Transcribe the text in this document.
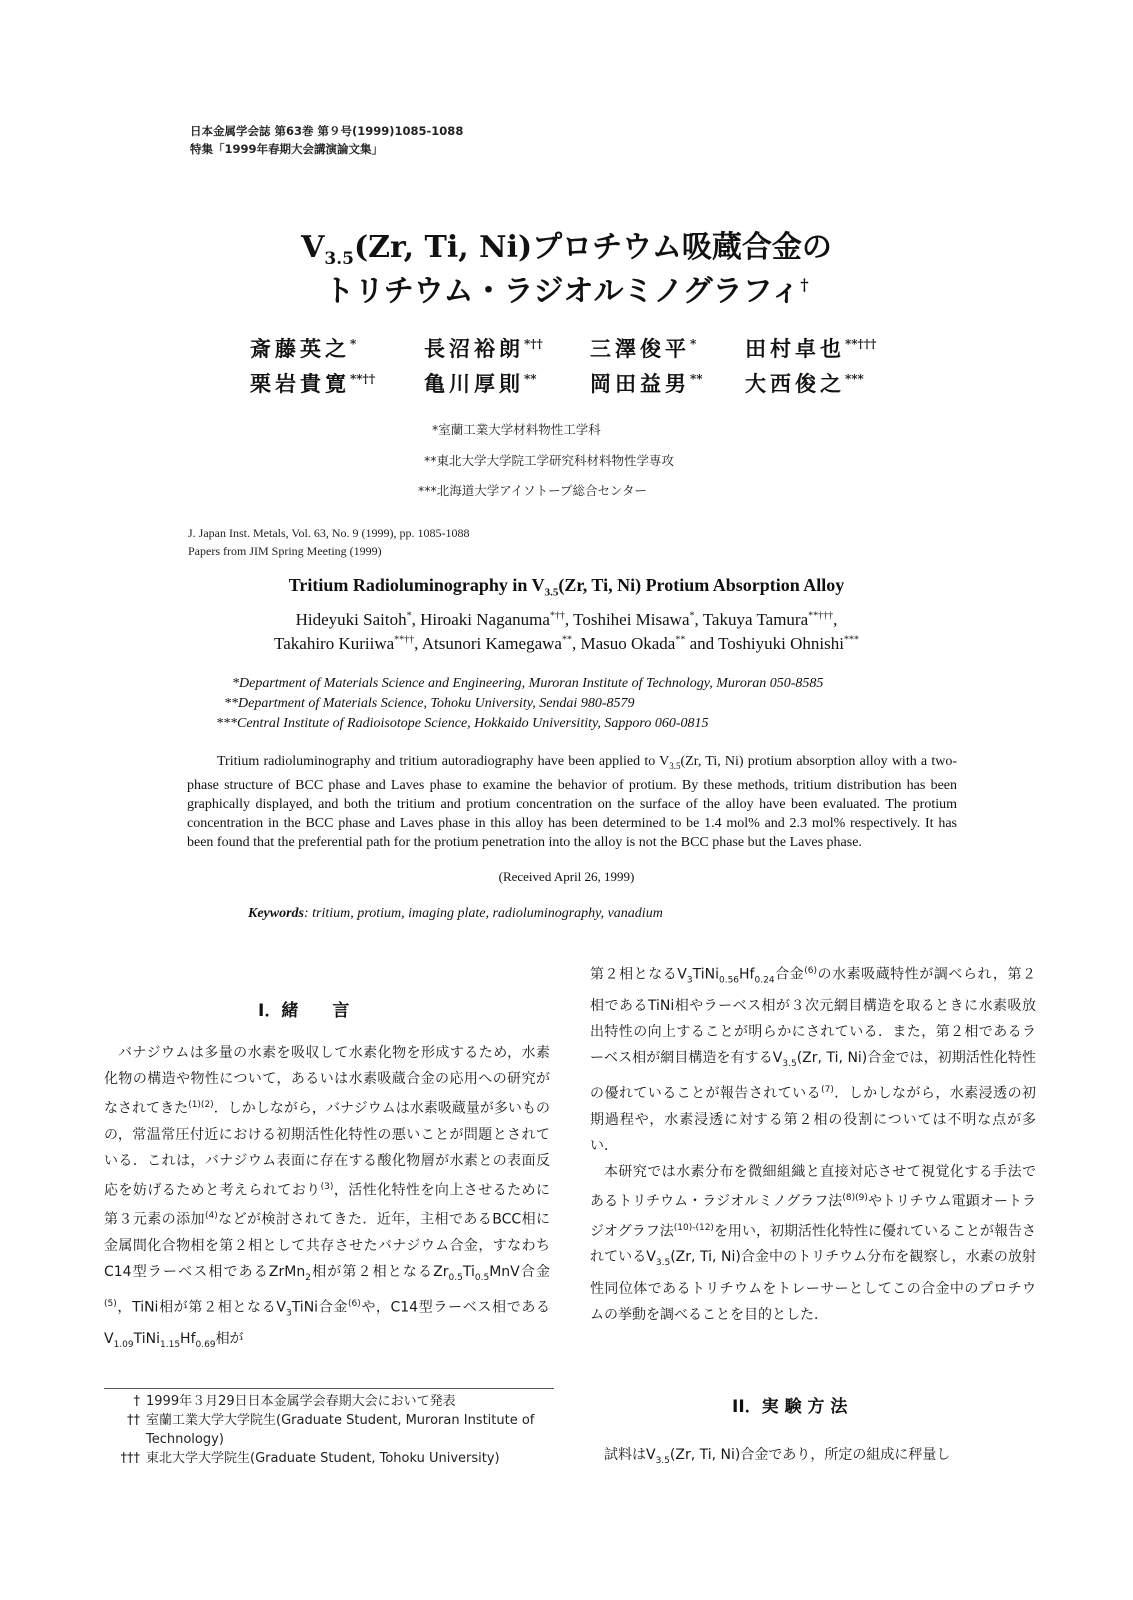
日本金属学会誌 第63巻 第９号(1999)1085-1088
特集「1999年春期大会講演論文集」
$V_{3.5}(Zr$, Ti, Ni)プロチウム吸蔵合金の
トリチウム・ラジオルミノグラフィ†
斎藤英之*	長沼裕朗*†† 三澤俊平* 田村卓也**†††
栗岩貴寛**†† 亀川厚則**	岡田益男** 大西俊之***
*室蘭工業大学材料物性工学科
**東北大学大学院工学研究科材料物性学専攻
***北海道大学アイソトープ総合センター
J. Japan Inst. Metals, Vol. 63, No. 9 (1999), pp. 1085-1088
Papers from JIM Spring Meeting (1999)
Tritium Radioluminography in $V_{3.5}(Zr$, Ti, Ni) Protium Absorption Alloy
Hideyuki Saitoh*, Hiroaki Naganuma*††, Toshihei Misawa*, Takuya Tamura**†††,
Takahiro Kuriiwa**††, Atsunori Kamegawa**, Masuo Okada** and Toshiyuki Ohnishi***
*Department of Materials Science and Engineering, Muroran Institute of Technology, Muroran 050-8585
**Department of Materials Science, Tohoku University, Sendai 980-8579
***Central Institute of Radioisotope Science, Hokkaido Universitity, Sapporo 060-0815
Tritium radioluminography and tritium autoradiography have been applied to $V_{3.5}(Zr$, Ti, Ni) protium absorption alloy with a two-phase structure of BCC phase and Laves phase to examine the behavior of protium. By these methods, tritium distribution has been graphically displayed, and both the tritium and protium concentration on the surface of the alloy have been evaluated. The protium concentration in the BCC phase and Laves phase in this alloy has been determined to be 1.4 mol% and 2.3 mol% respectively. It has been found that the preferential path for the protium penetration into the alloy is not the BCC phase but the Laves phase.
(Received April 26, 1999)
Keywords: tritium, protium, imaging plate, radioluminography, vanadium
I．緒　　言

バナジウムは多量の水素を吸収して水素化物を形成するため，水素化物の構造や物性について，あるいは水素吸蔵合金の応用への研究がなされてきた$^{(1)(2)}$．しかしながら，バナジウムは水素吸蔵量が多いものの，常温常圧付近における初期活性化特性の悪いことが問題とされている．これは，バナジウム表面に存在する酸化物層が水素との表面反応を妨げるためと考えられており$^{(3)}$，活性化特性を向上させるために第３元素の添加$^{(4)}$などが検討されてきた．近年，主相であるBCC相に金属間化合物相を第２相として共存させたバナジウム合金，すなわちC14型ラーベス相であるZrMn$_2$相が第２相となる$Zr_{0.5}Ti_{0.5}MnV$合金$^{(5)}$，TiNi相が第２相となる$V_3TiNi$合金$^{(6)}$や，C14型ラーベス相である$V_{1.09}TiNi_{1.15}Hf_{0.69}$相が

† 1999年３月29日日本金属学会春期大会において発表
†† 室蘭工業大学大学院生(Graduate Student, Muroran Institute of Technology)
††† 東北大学大学院生(Graduate Student, Tohoku University)

第２相となる$V_3TiNi_{0.56}Hf_{0.24}$合金$^{(6)}$の水素吸蔵特性が調べられ，第２相であるTiNi相やラーベス相が３次元網目構造を取るときに水素吸放出特性の向上することが明らかにされている．また，第２相であるラーベス相が網目構造を有する$V_{3.5}(Zr$, Ti, Ni)合金では，初期活性化特性の優れていることが報告されている$^{(7)}$．しかしながら，水素浸透の初期過程や，水素浸透に対する第２相の役割については不明な点が多い．

本研究では水素分布を微細組織と直接対応させて視覚化する手法であるトリチウム・ラジオルミノグラフ法$^{(8)(9)}$やトリチウム電顕オートラジオグラフ法$^{(10)-(12)}$を用い，初期活性化特性に優れていることが報告されている$V_{3.5}(Zr$, Ti, Ni)合金中のトリチウム分布を観察し，水素の放射性同位体であるトリチウムをトレーサーとしてこの合金中のプロチウムの挙動を調べることを目的とした．

II．実 験 方 法

試料は$V_{3.5}(Zr$, Ti, Ni)合金であり，所定の組成に秤量し
